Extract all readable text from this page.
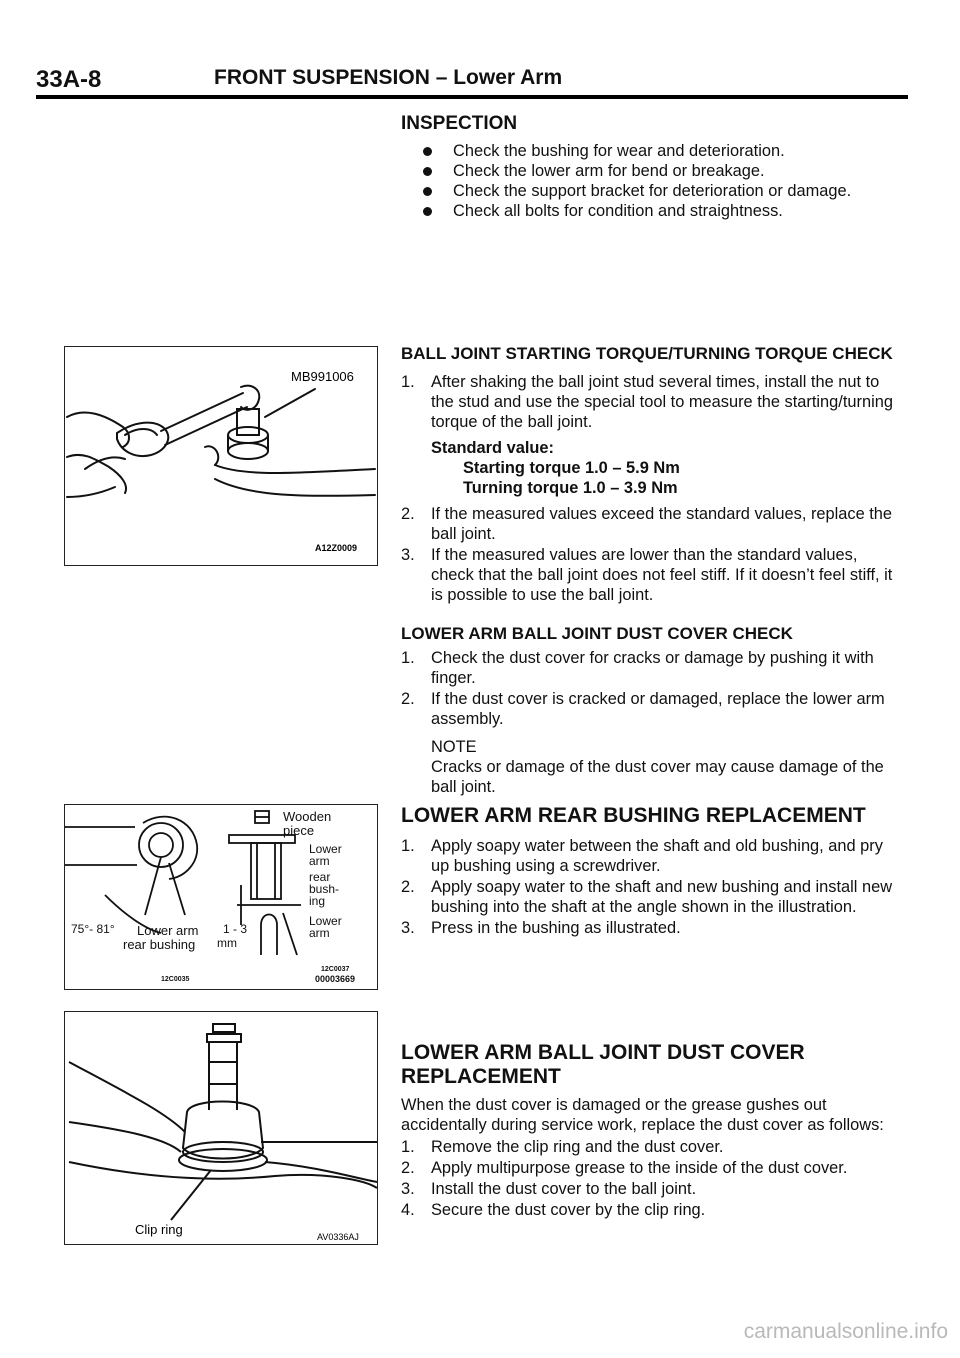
33A-8	FRONT SUSPENSION – Lower Arm
INSPECTION
Check the bushing for wear and deterioration.
Check the lower arm for bend or breakage.
Check the support bracket for deterioration or damage.
Check all bolts for condition and straightness.
BALL JOINT STARTING TORQUE/TURNING TORQUE CHECK
1. After shaking the ball joint stud several times, install the nut to the stud and use the special tool to measure the starting/turning torque of the ball joint.
Standard value:
Starting torque 1.0 – 5.9 Nm
Turning torque 1.0 – 3.9 Nm
2. If the measured values exceed the standard values, replace the ball joint.
3. If the measured values are lower than the standard values, check that the ball joint does not feel stiff. If it doesn’t feel stiff, it is possible to use the ball joint.
LOWER ARM BALL JOINT DUST COVER CHECK
1. Check the dust cover for cracks or damage by pushing it with finger.
2. If the dust cover is cracked or damaged, replace the lower arm assembly.
NOTE
Cracks or damage of the dust cover may cause damage of the ball joint.
LOWER ARM REAR BUSHING REPLACEMENT
1. Apply soapy water between the shaft and old bushing, and pry up bushing using a screwdriver.
2. Apply soapy water to the shaft and new bushing and install new bushing into the shaft at the angle shown in the illustration.
3. Press in the bushing as illustrated.
LOWER ARM BALL JOINT DUST COVER REPLACEMENT

When the dust cover is damaged or the grease gushes out accidentally during service work, replace the dust cover as follows:

1. Remove the clip ring and the dust cover.
2. Apply multipurpose grease to the inside of the dust cover.
3. Install the dust cover to the ball joint.
4. Secure the dust cover by the clip ring.
MB991006
A12Z0009
Wooden
piece
Lower
arm
rear
bush-
ing
Lower
arm
75°- 81° Lower arm
rear bushing
1 - 3
mm
12C0035
12C0037
00003669
Clip ring	AV0336AJ
carmanualsonline.info
